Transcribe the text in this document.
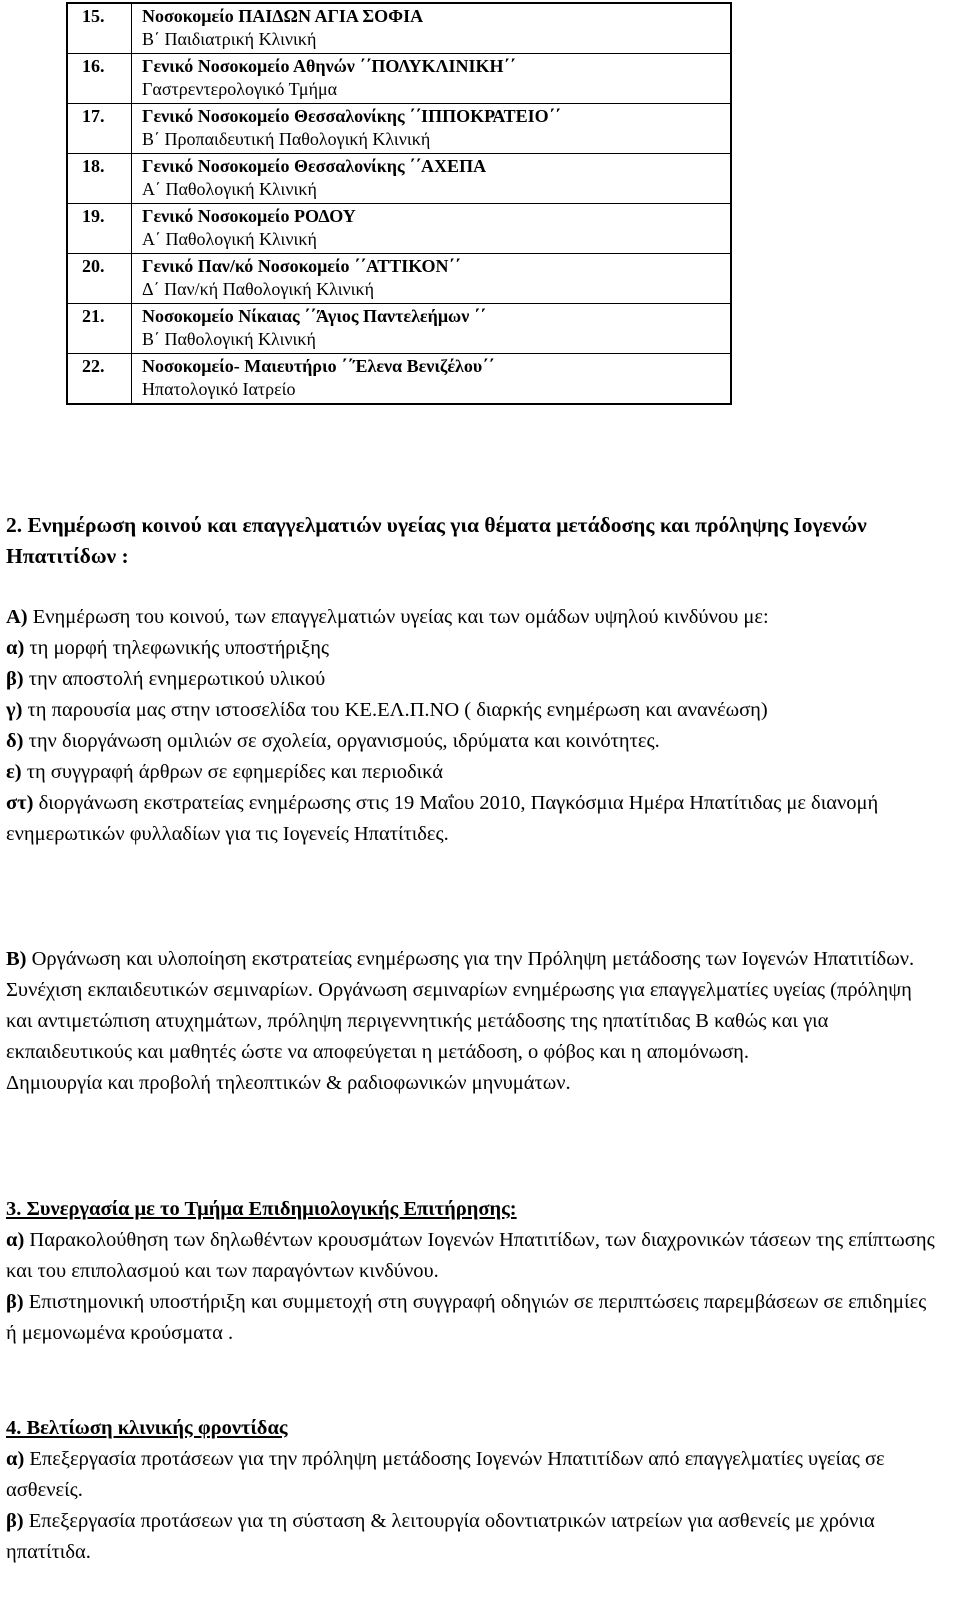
15.	Νοσοκομείο ΠΑΙΔΩΝ ΑΓΙΑ ΣΟΦΙΑ
Β΄ Παιδιατρική Κλινική

16.	Γενικό Νοσοκομείο Αθηνών ΄΄ΠΟΛΥΚΛΙΝΙΚΗ΄΄
Γαστρεντερολογικό Τμήμα

17.	Γενικό Νοσοκομείο Θεσσαλονίκης ΄΄ΙΠΠΟΚΡΑΤΕΙΟ΄΄
Β΄ Προπαιδευτική Παθολογική Κλινική

18.	Γενικό Νοσοκομείο Θεσσαλονίκης ΄΄ΑΧΕΠΑ
Α΄ Παθολογική Κλινική

19.	Γενικό Νοσοκομείο ΡΟΔΟΥ
Α΄ Παθολογική Κλινική

20.	Γενικό Παν/κό Νοσοκομείο ΄΄ΑΤΤΙΚΟΝ΄΄
Δ΄ Παν/κή Παθολογική Κλινική

21.	Νοσοκομείο Νίκαιας ΄΄Άγιος Παντελεήμων ΄΄
Β΄ Παθολογική Κλινική

22.	Νοσοκομείο- Μαιευτήριο ΄΄Έλενα Βενιζέλου΄΄
Ηπατολογικό Ιατρείο
2. Ενημέρωση κοινού και επαγγελματιών υγείας για θέματα μετάδοσης και πρόληψης Ιογενών Ηπατιτίδων :

Α) Ενημέρωση του κοινού, των επαγγελματιών υγείας και των ομάδων υψηλού κινδύνου με:

α) τη μορφή τηλεφωνικής υποστήριξης

β) την αποστολή ενημερωτικού υλικού

γ) τη παρουσία μας στην ιστοσελίδα του ΚΕ.ΕΛ.Π.ΝΟ ( διαρκής ενημέρωση και ανανέωση)

δ) την διοργάνωση ομιλιών σε σχολεία, οργανισμούς, ιδρύματα και κοινότητες.

ε) τη συγγραφή άρθρων σε εφημερίδες και περιοδικά

στ) διοργάνωση εκστρατείας ενημέρωσης στις 19 Μαΐου 2010, Παγκόσμια Ημέρα Ηπατίτιδας με διανομή ενημερωτικών φυλλαδίων για τις Ιογενείς Ηπατίτιδες.

Β) Οργάνωση και υλοποίηση εκστρατείας ενημέρωσης για την Πρόληψη μετάδοσης των Ιογενών Ηπατιτίδων. Συνέχιση εκπαιδευτικών σεμιναρίων. Οργάνωση σεμιναρίων ενημέρωσης για επαγγελματίες υγείας (πρόληψη και αντιμετώπιση ατυχημάτων, πρόληψη περιγεννητικής μετάδοσης της ηπατίτιδας Β καθώς και για εκπαιδευτικούς και μαθητές ώστε να αποφεύγεται η μετάδοση, ο φόβος και η απομόνωση.

Δημιουργία και προβολή τηλεοπτικών & ραδιοφωνικών μηνυμάτων.

3. Συνεργασία με το Τμήμα Επιδημιολογικής Επιτήρησης:

α) Παρακολούθηση των δηλωθέντων κρουσμάτων Ιογενών Ηπατιτίδων, των διαχρονικών τάσεων της επίπτωσης και του επιπολασμού και των παραγόντων κινδύνου.

β) Επιστημονική υποστήριξη και συμμετοχή στη συγγραφή οδηγιών σε περιπτώσεις παρεμβάσεων σε επιδημίες ή μεμονωμένα κρούσματα .

4. Βελτίωση κλινικής φροντίδας

α) Επεξεργασία προτάσεων για την πρόληψη μετάδοσης Ιογενών Ηπατιτίδων από επαγγελματίες υγείας σε ασθενείς.

β) Επεξεργασία προτάσεων για τη σύσταση & λειτουργία οδοντιατρικών ιατρείων για ασθενείς με χρόνια ηπατίτιδα.
